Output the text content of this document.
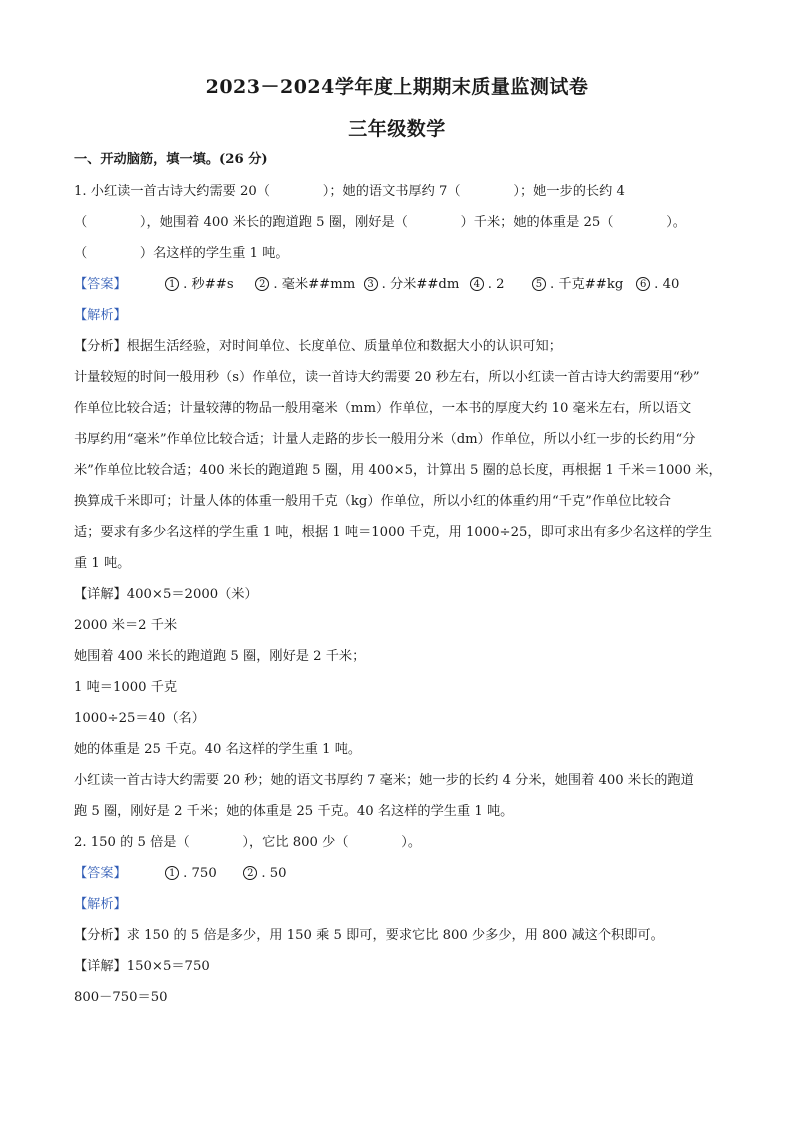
2023－2024学年度上期期末质量监测试卷
三年级数学
一、开动脑筋，填一填。(26 分)
1. 小红读一首古诗大约需要 20（　　　　）；她的语文书厚约 7（　　　　）；她一步的长约 4
（　　　　），她围着 400 米长的跑道跑 5 圈，刚好是（　　　　）千米；她的体重是 25（　　　　）。
（　　　　）名这样的学生重 1 吨。
【答案】	1 . 秒##s	2 . 毫米##mm 3 . 分米##dm 4 . 2	5 . 千克##kg 6 . 40
【解析】
【分析】根据生活经验，对时间单位、长度单位、质量单位和数据大小的认识可知；
计量较短的时间一般用秒（s）作单位，读一首诗大约需要 20 秒左右，所以小红读一首古诗大约需要用“秒”
作单位比较合适；计量较薄的物品一般用毫米（mm）作单位，一本书的厚度大约 10 毫米左右，所以语文
书厚约用“毫米”作单位比较合适；计量人走路的步长一般用分米（dm）作单位，所以小红一步的长约用“分
米”作单位比较合适；400 米长的跑道跑 5 圈，用 400×5，计算出 5 圈的总长度，再根据 1 千米＝1000 米，
换算成千米即可；计量人体的体重一般用千克（kg）作单位，所以小红的体重约用“千克”作单位比较合
适；要求有多少名这样的学生重 1 吨，根据 1 吨＝1000 千克，用 1000÷25，即可求出有多少名这样的学生
重 1 吨。
【详解】400×5＝2000（米）
2000 米＝2 千米
她围着 400 米长的跑道跑 5 圈，刚好是 2 千米；
1 吨＝1000 千克
1000÷25＝40（名）
她的体重是 25 千克。40 名这样的学生重 1 吨。
小红读一首古诗大约需要 20 秒；她的语文书厚约 7 毫米；她一步的长约 4 分米，她围着 400 米长的跑道
跑 5 圈，刚好是 2 千米；她的体重是 25 千克。40 名这样的学生重 1 吨。
2. 150 的 5 倍是（　　　　），它比 800 少（　　　　）。
【答案】	1 . 750	2 . 50
【解析】
【分析】求 150 的 5 倍是多少，用 150 乘 5 即可，要求它比 800 少多少，用 800 减这个积即可。
【详解】150×5＝750
800－750＝50
